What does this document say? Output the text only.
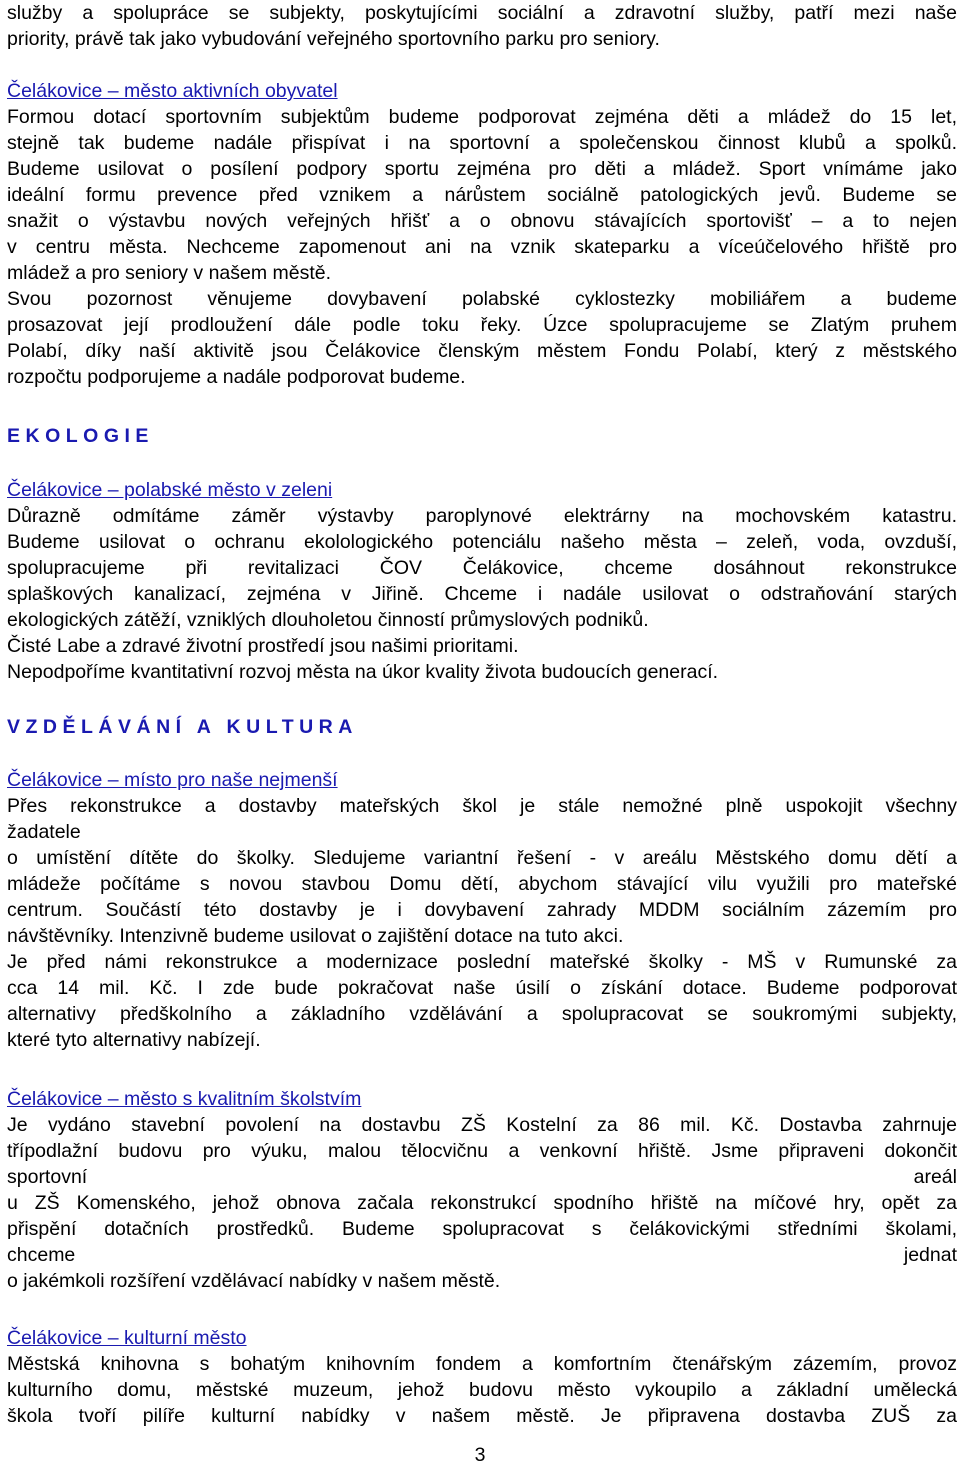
služby a spolupráce se subjekty, poskytujícími sociální a zdravotní služby, patří mezi naše
priority, právě tak jako vybudování veřejného sportovního parku pro seniory.
Čelákovice – město aktivních obyvatel
Formou dotací sportovním subjektům budeme podporovat zejména děti a mládež do 15 let,
stejně tak budeme nadále přispívat i na sportovní a společenskou činnost klubů a spolků.
Budeme usilovat o posílení podpory sportu zejména pro děti a mládež. Sport vnímáme jako
ideální formu prevence před vznikem a nárůstem sociálně patologických jevů. Budeme se
snažit o výstavbu nových veřejných hřišť a o obnovu stávajících sportovišť – a to nejen
v centru města. Nechceme zapomenout ani na vznik skateparku a víceúčelového hřiště pro
mládež a pro seniory v našem městě.
Svou pozornost věnujeme dovybavení polabské cyklostezky mobiliářem a budeme
prosazovat její prodloužení dále podle toku řeky. Úzce spolupracujeme se Zlatým pruhem
Polabí, díky naší aktivitě jsou Čelákovice členským městem Fondu Polabí, který z městského
rozpočtu podporujeme a nadále podporovat budeme.
EKOLOGIE
Čelákovice – polabské město v zeleni
Důrazně odmítáme záměr výstavby paroplynové elektrárny na mochovském katastru.
Budeme usilovat o ochranu ekolologického potenciálu našeho města – zeleň, voda, ovzduší,
spolupracujeme při revitalizaci ČOV Čelákovice, chceme dosáhnout rekonstrukce
splaškových kanalizací, zejména v Jiřině. Chceme i nadále usilovat o odstraňování starých
ekologických zátěží, vzniklých dlouholetou činností průmyslových podniků.
Čisté Labe a zdravé životní prostředí jsou našimi prioritami.
Nepodpoříme kvantitativní rozvoj města na úkor kvality života budoucích generací.
VZDĚLÁVÁNÍ A KULTURA
Čelákovice – místo pro naše nejmenší
Přes rekonstrukce a dostavby mateřských škol je stále nemožné plně uspokojit všechny
žadatele
o umístění dítěte do školky. Sledujeme variantní řešení - v areálu Městského domu dětí a
mládeže počítáme s novou stavbou Domu dětí, abychom stávající vilu využili pro mateřské
centrum. Součástí této dostavby je i dovybavení zahrady MDDM sociálním zázemím pro
návštěvníky. Intenzivně budeme usilovat o zajištění dotace na tuto akci.
Je před námi rekonstrukce a modernizace poslední mateřské školky - MŠ v Rumunské za
cca 14 mil. Kč. I zde bude pokračovat naše úsilí o získání dotace. Budeme podporovat
alternativy předškolního a základního vzdělávání a spolupracovat se soukromými subjekty,
které tyto alternativy nabízejí.
Čelákovice – město s kvalitním školstvím
Je vydáno stavební povolení na dostavbu ZŠ Kostelní za 86 mil. Kč. Dostavba zahrnuje
třípodlažní budovu pro výuku, malou tělocvičnu a venkovní hřiště. Jsme připraveni dokončit
sportovní	areál
u ZŠ Komenského, jehož obnova začala rekonstrukcí spodního hřiště na míčové hry, opět za
přispění dotačních prostředků. Budeme spolupracovat s čelákovickými středními školami,
chceme	jednat
o jakémkoli rozšíření vzdělávací nabídky v našem městě.
Čelákovice – kulturní město
Městská knihovna s bohatým knihovním fondem a komfortním čtenářským zázemím, provoz
kulturního domu, městské muzeum, jehož budovu město vykoupilo a základní umělecká
škola tvoří pilíře kulturní nabídky v našem městě. Je připravena dostavba ZUŠ za
3
